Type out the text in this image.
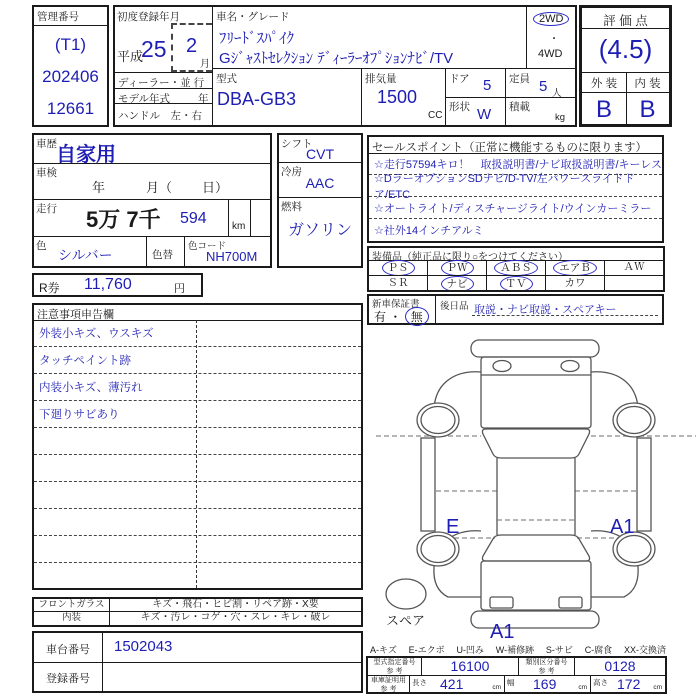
管理番号
(T1)
202406
12661
初度登録年月
平成
25 2
月
ディーラー・並 行
モデル年式	年
ハンドル　左・右
車名・グレード
ﾌﾘｰﾄﾞｽﾊﾟｲｸ
Gｼﾞｬｽﾄｾﾚｸｼｮﾝ ﾃﾞｨｰﾗｰｵﾌﾟｼｮﾝﾅﾋﾞ/TV
2WD
・
4WD
型式
DBA-GB3
排気量
1500
CC
ドア 5
形状 W
定員 5 人
積載
kg
評 価 点
(4.5)
外 装	内 装
B	B
車歴 自家用
車検
年	月（ 日）
走行 5万 7千 594	km
色
シルバー	色替
色コード
NH700M
シフト
CVT
冷房
AAC
燃料
ガソリン
セールスポイント（正常に機能するものに限ります）
☆走行57594キロ！　取扱説明書/ナビ取扱説明書/キーレス
☆DラーオプションSDナビ/D-TV/左パワースライドドア/ETC
☆オートライト/ディスチャージライト/ウインカーミラー
☆社外14インチアルミ
装備品（純正品に限り○をつけてください）
ＰＳ	ＰＷ	ＡＢＳ	エアＢ	ＡＷ
ＳＲ	ナビ	ＴＶ	カワ
新車保証書
有 ・ 無
後日品 取説・ナビ取説・スペアキー
R券 11,760	円
注意事項申告欄
外装小キズ、ウスキズ
タッチペイント跡
内装小キズ、薄汚れ
下廻りサビあり
フロントガラス	キズ・飛石・ヒビ割・リペア跡・X要
内装	キズ・汚レ・コゲ・穴・スレ・キレ・破レ
車台番号	1502043
登録番号
スペア
E	A1
A1
A-キズ E-エクボ U-凹み W-補修跡 S-サビ C-腐食 XX-交換済
型式指定番号
参 考	16100	類別区分番号
参 考	0128
車庫証明用
参 考
長さ 421	cm
幅 169	cm
高さ 172 cm
